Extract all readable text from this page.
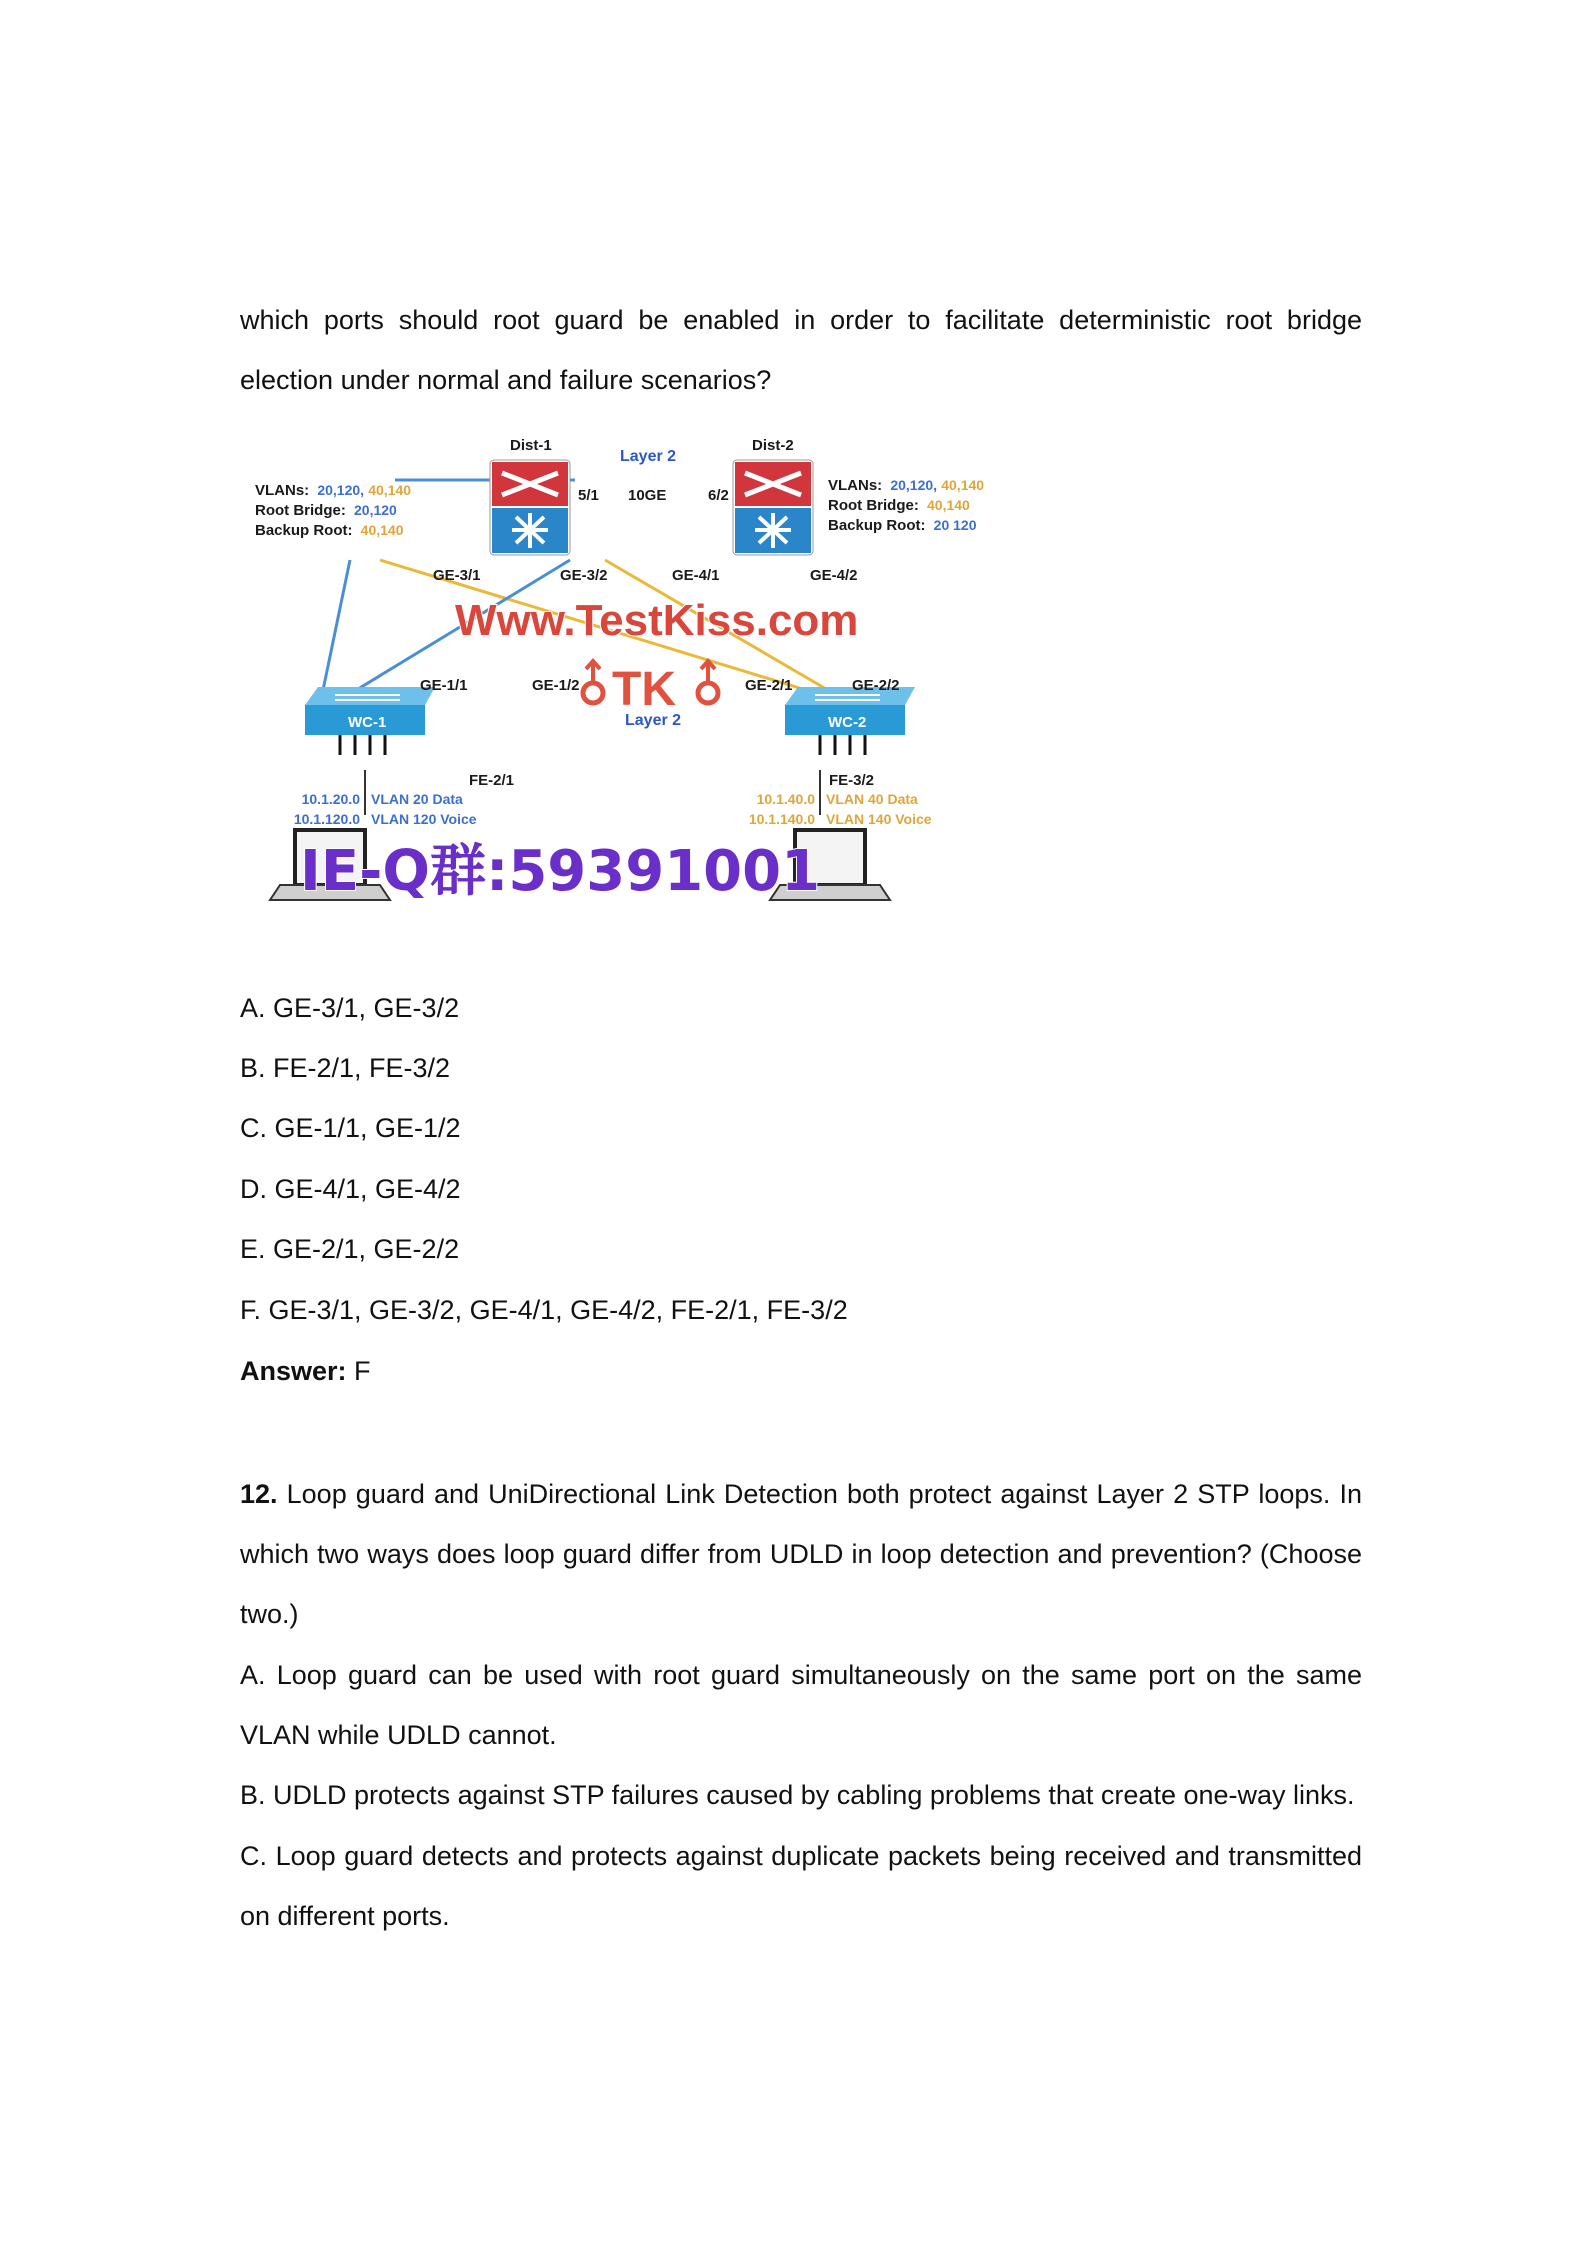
which ports should root guard be enabled in order to facilitate deterministic root bridge

election under normal and failure scenarios?

Dist-1	Dist-2
Layer 2
5/1 10GE	6/2
VLANs: 20,120, 40,140
Root Bridge: 20,120
Backup Root: 40,140
VLANs: 20,120, 40,140
Root Bridge: 40,140
Backup Root: 20 120
GE-3/1	GE-3/2	GE-4/1	GE-4/2
GE-1/1	GE-1/2	GE-2/1	GE-2/2
FE-2/1	FE-3/2
WC-1	WC-2
Layer 2
10.1.20.0
10.1.120.0
VLAN 20 Data
VLAN 120 Voice
10.1.40.0
10.1.140.0
VLAN 40 Data
VLAN 140 Voice
Www.TestKiss.com
TK
IE-Q群:59391001

A. GE-3/1, GE-3/2

B. FE-2/1, FE-3/2

C. GE-1/1, GE-1/2

D. GE-4/1, GE-4/2

E. GE-2/1, GE-2/2

F. GE-3/1, GE-3/2, GE-4/1, GE-4/2, FE-2/1, FE-3/2

Answer: F

12. Loop guard and UniDirectional Link Detection both protect against Layer 2 STP loops. In

which two ways does loop guard differ from UDLD in loop detection and prevention? (Choose

two.)

A. Loop guard can be used with root guard simultaneously on the same port on the same

VLAN while UDLD cannot.

B. UDLD protects against STP failures caused by cabling problems that create one-way links.

C. Loop guard detects and protects against duplicate packets being received and transmitted

on different ports.
